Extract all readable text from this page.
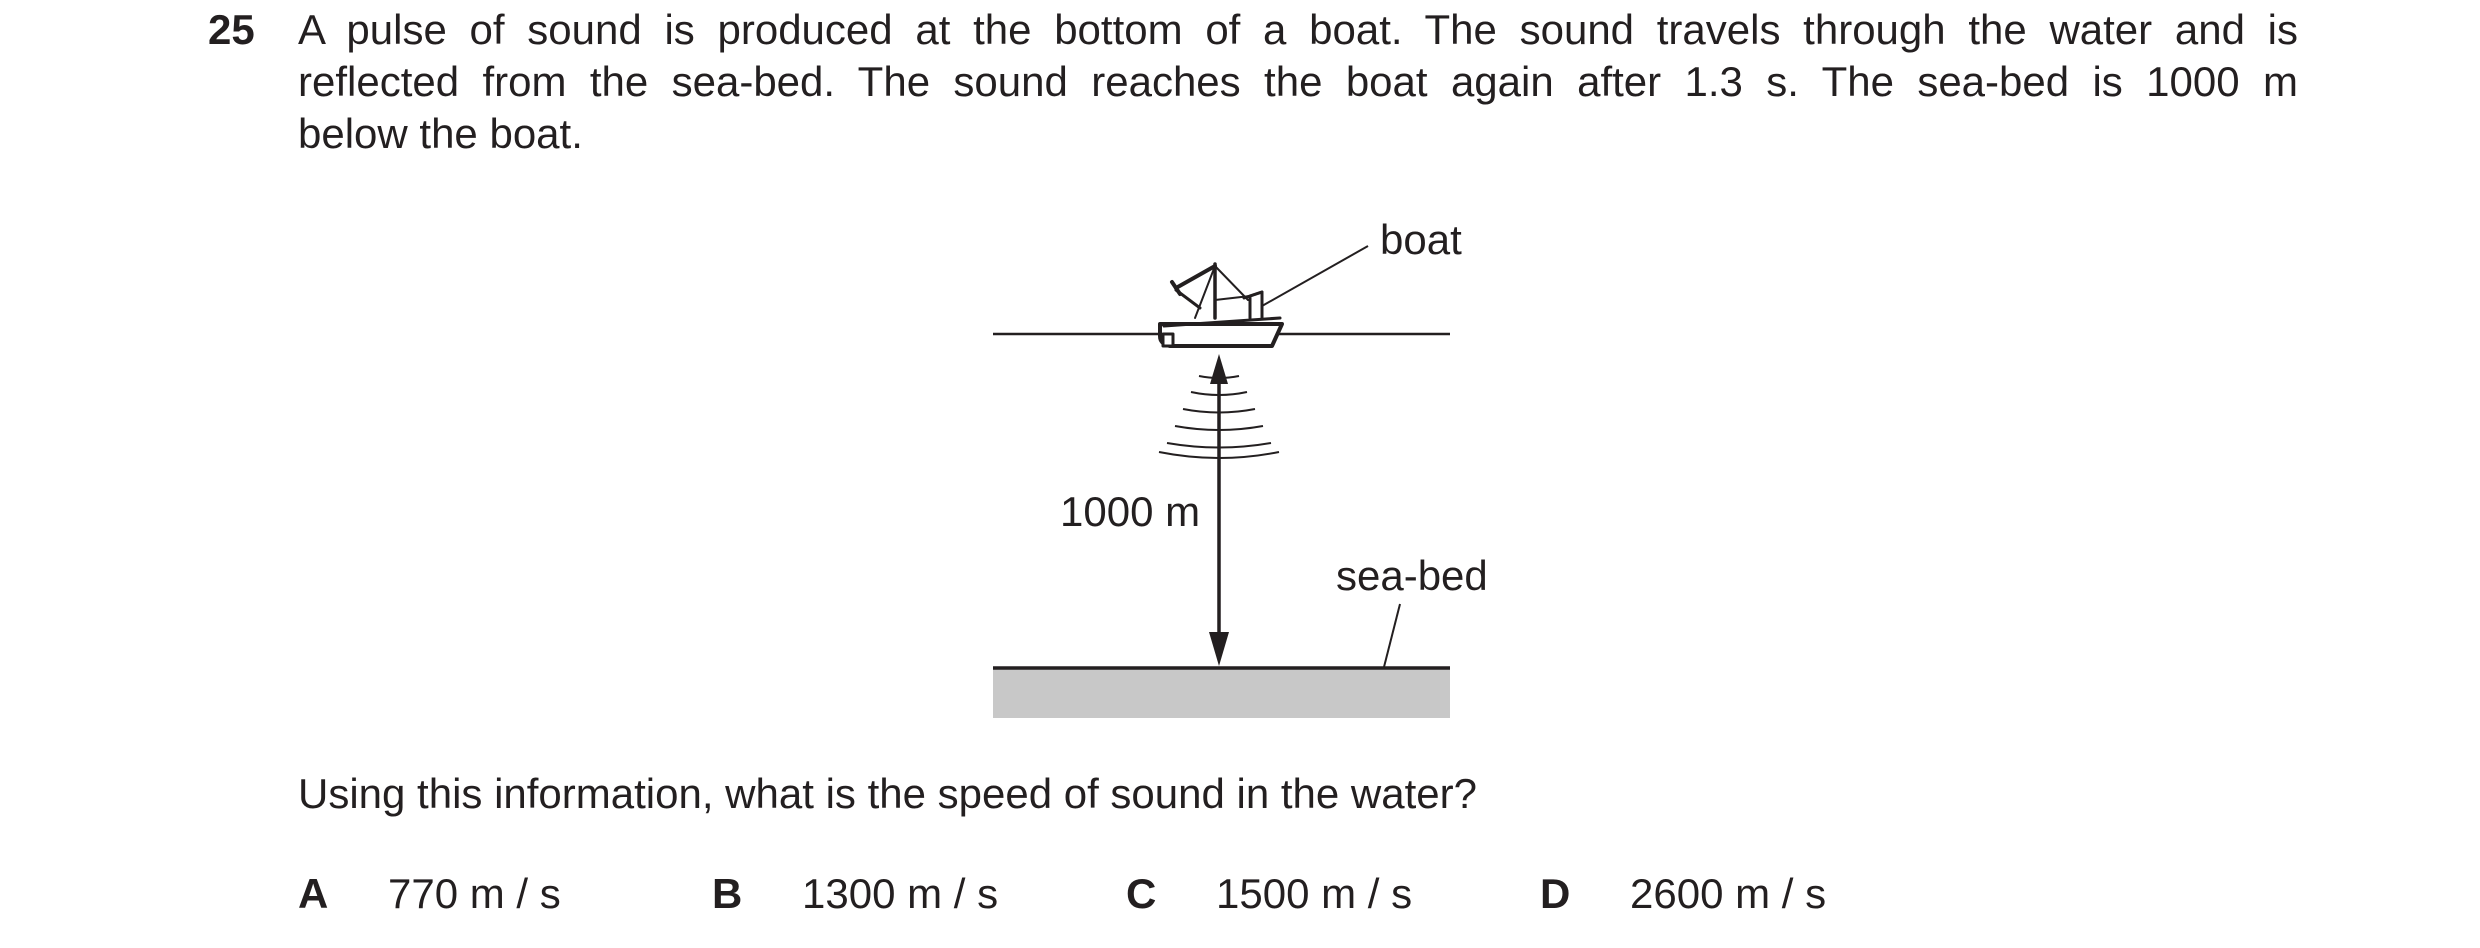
25 A pulse of sound is produced at the bottom of a boat. The sound travels through the water and is
reflected from the sea-bed. The sound reaches the boat again after 1.3 s. The sea-bed is 1000 m
below the boat.
boat
1000 m
sea-bed

Using this information, what is the speed of sound in the water?

A 770 m / s	B 1300 m / s	C 1500 m / s	D 2600 m / s
